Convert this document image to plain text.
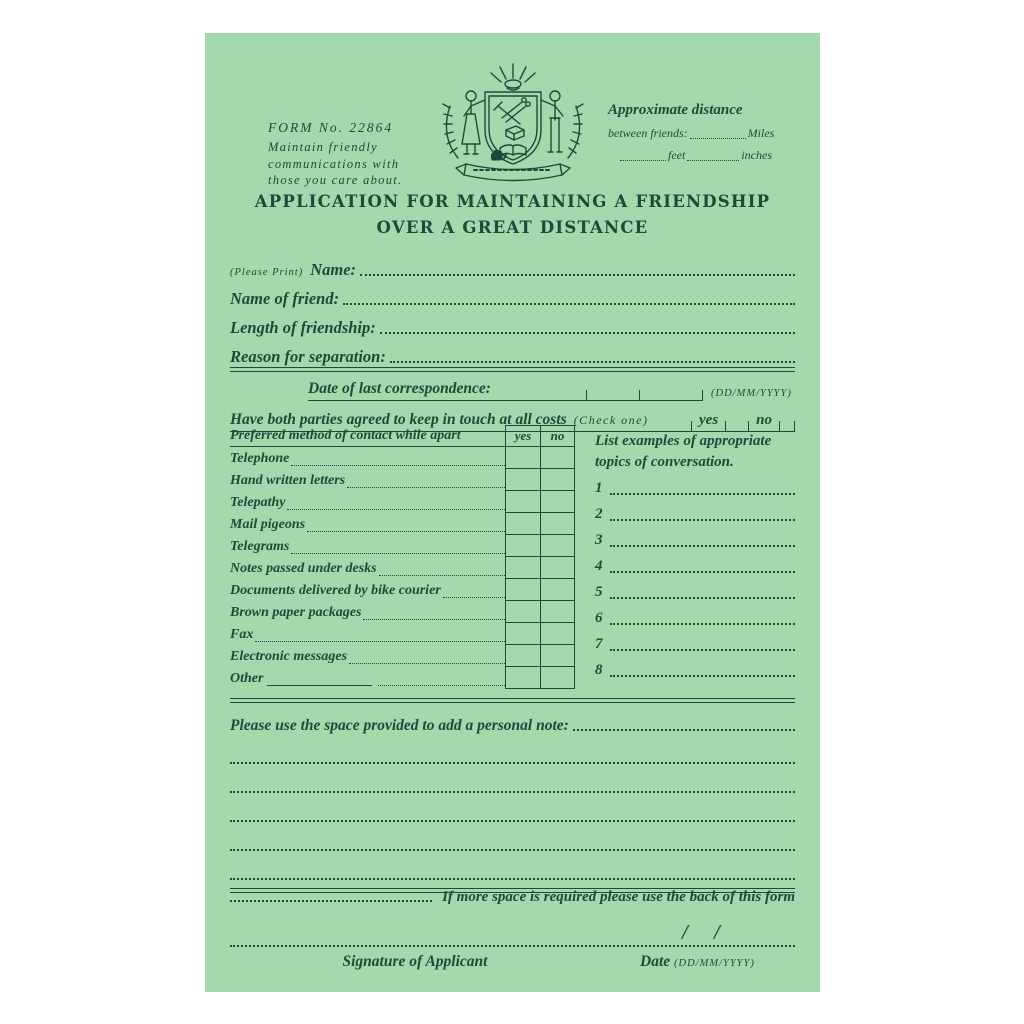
FORM No. 22864
Maintain friendly
communications with
those you care about.
Approximate distance
between friends:	Miles
feet	inches
APPLICATION FOR MAINTAINING A FRIENDSHIP
OVER A GREAT DISTANCE
(Please Print) Name:
Name of friend:
Length of friendship:
Reason for separation:
Date of last correspondence:	(DD/MM/YYYY)
Have both parties agreed to keep in touch at all costs (Check one)	yes	no
Preferred method of contact while apart	yes	no
Telephone
Hand written letters
Telepathy
Mail pigeons
Telegrams
Notes passed under desks
Documents delivered by bike courier
Brown paper packages
Fax
Electronic messages
Other
List examples of appropriate
topics of conversation.
1
2
3
4
5
6
7
8
Please use the space provided to add a personal note:
If more space is required please use the back of this form
/ /
Signature of Applicant	Date (DD/MM/YYYY)
